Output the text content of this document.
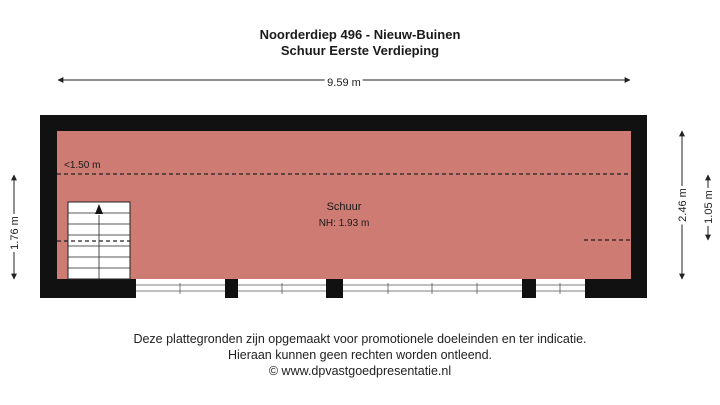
Noorderdiep 496 - Nieuw-Buinen
Schuur Eerste Verdieping
9.59 m
1.76 m
2.46 m 1.05 m
<1.50 m
Schuur
NH: 1.93 m
Deze plattegronden zijn opgemaakt voor promotionele doeleinden en ter indicatie.
Hieraan kunnen geen rechten worden ontleend.
© www.dpvastgoedpresentatie.nl
